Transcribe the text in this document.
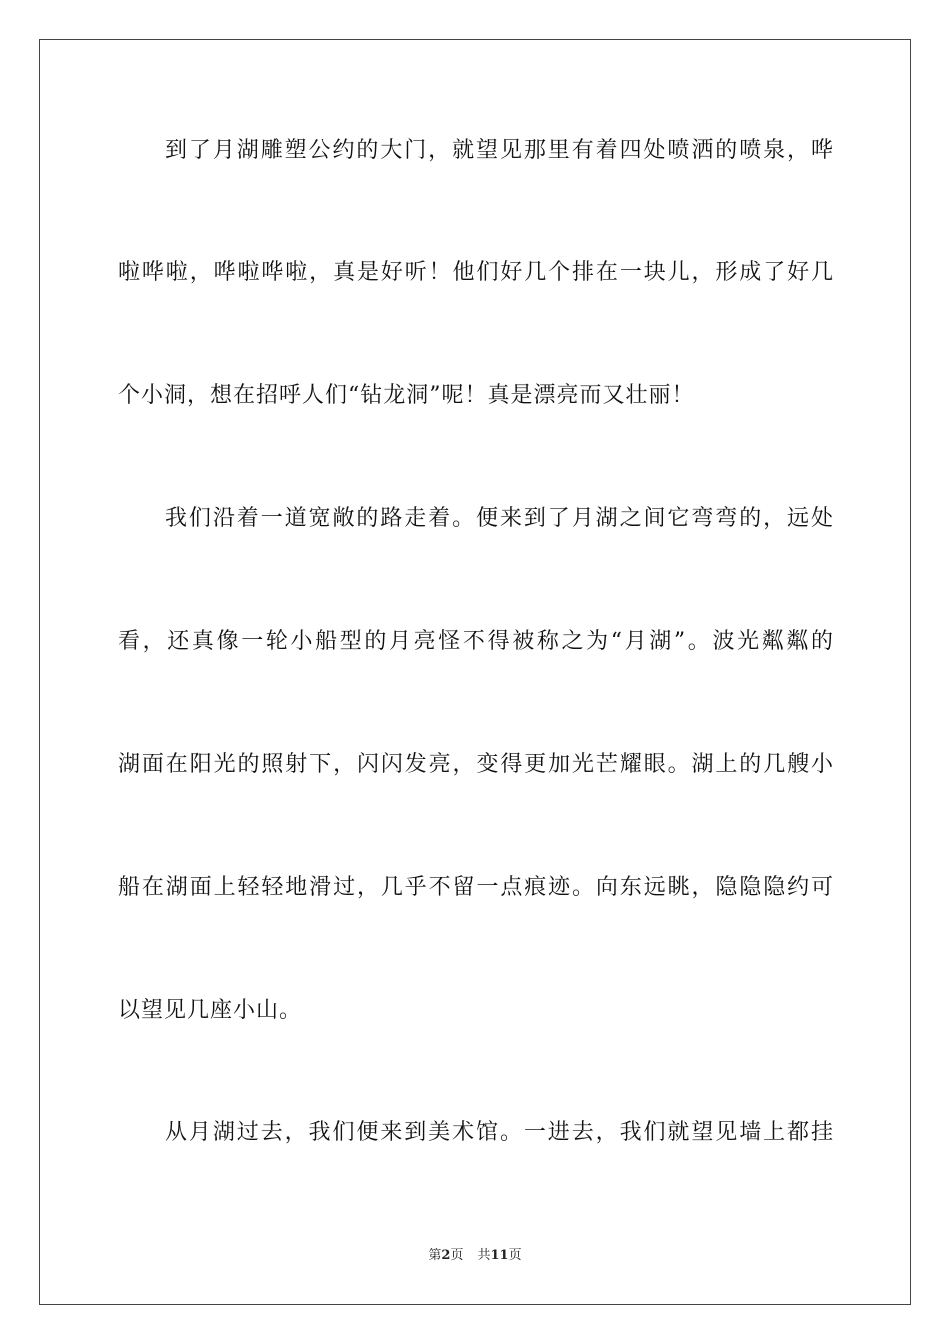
到了月湖雕塑公约的大门，就望见那里有着四处喷洒的喷泉，哗
啦哗啦，哗啦哗啦，真是好听！他们好几个排在一块儿，形成了好几
个小洞，想在招呼人们“钻龙洞”呢！真是漂亮而又壮丽！
我们沿着一道宽敞的路走着。便来到了月湖之间它弯弯的，远处
看，还真像一轮小船型的月亮怪不得被称之为“月湖”。波光粼粼的
湖面在阳光的照射下，闪闪发亮，变得更加光芒耀眼。湖上的几艘小
船在湖面上轻轻地滑过，几乎不留一点痕迹。向东远眺，隐隐隐约可
以望见几座小山。
从月湖过去，我们便来到美术馆。一进去，我们就望见墙上都挂
第2页 共11页
